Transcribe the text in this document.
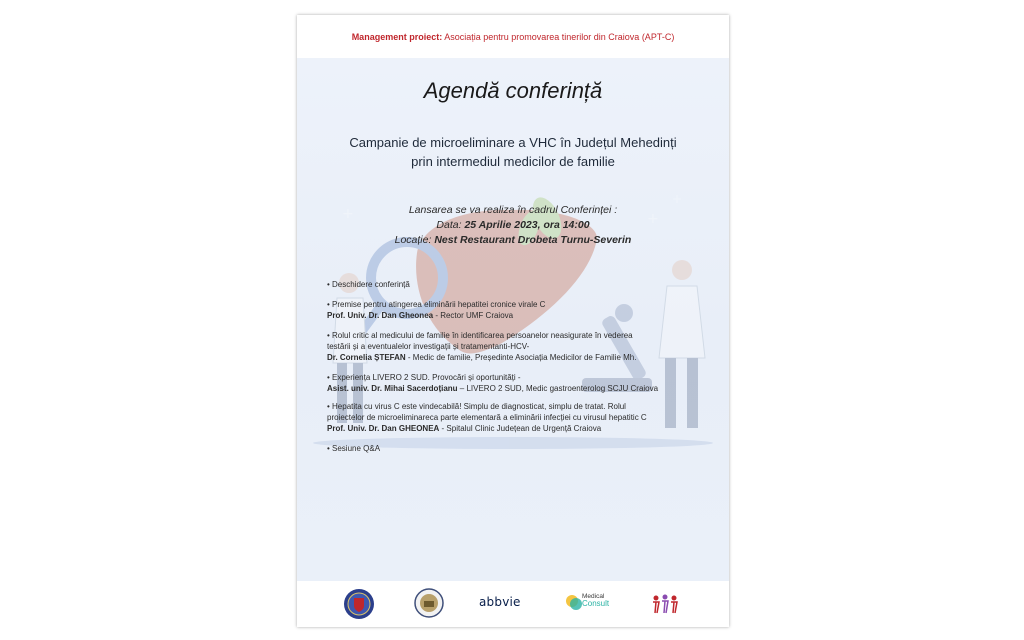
Management proiect: Asociația pentru promovarea tinerilor din Craiova (APT-C)
+	+
+
Agendă conferință
Campanie de microeliminare a VHC în Județul Mehedinți
prin intermediul medicilor de familie
Lansarea se va realiza în cadrul Conferinței :
Data: 25 Aprilie 2023, ora 14:00
Locație: Nest Restaurant Drobeta Turnu-Severin
• Deschidere conferință
• Premise pentru atingerea eliminării hepatitei cronice virale C
Prof. Univ. Dr. Dan Gheonea - Rector UMF Craiova
• Rolul critic al medicului de familie în identificarea persoanelor neasigurate în vederea
testării și a eventualelor investigații și tratamentanti-HCV-
Dr. Cornelia ȘTEFAN - Medic de familie, Președinte Asociația Medicilor de Familie Mh.
• Experiența LIVERO 2 SUD. Provocări și oportunități -
Asist. univ. Dr. Mihai Sacerdoțianu – LIVERO 2 SUD, Medic gastroenterolog SCJU Craiova
• Hepatita cu virus C este vindecabilă! Simplu de diagnosticat, simplu de tratat. Rolul
proiectelor de microeliminareca parte elementară a eliminării infecției cu virusul hepatitic C
Prof. Univ. Dr. Dan GHEONEA - Spitalul Clinic Județean de Urgență Craiova
• Sesiune Q&A
abbvie	Medical
Consult
